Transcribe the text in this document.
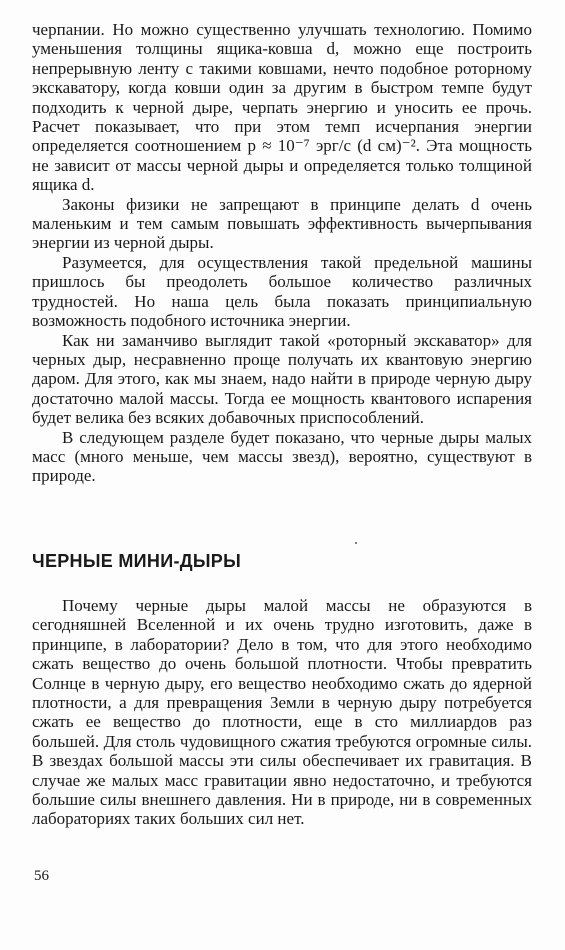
черпании. Но можно существенно улучшать технологию. Помимо уменьшения толщины ящика-ковша d, можно еще построить непрерывную ленту с такими ковшами, нечто подобное роторному экскаватору, когда ковши один за другим в быстром темпе будут подходить к черной дыре, черпать энергию и уносить ее прочь. Расчет показывает, что при этом темп исчерпания энергии определяется соотношением p ≈ 10⁻⁷ эрг/с (d см)⁻². Эта мощность не зависит от массы черной дыры и определяется только толщиной ящика d.

Законы физики не запрещают в принципе делать d очень маленьким и тем самым повышать эффективность вычерпывания энергии из черной дыры.

Разумеется, для осуществления такой предельной машины пришлось бы преодолеть большое количество различных трудностей. Но наша цель была показать принципиальную возможность подобного источника энергии.

Как ни заманчиво выглядит такой «роторный экскаватор» для черных дыр, несравненно проще получать их квантовую энергию даром. Для этого, как мы знаем, надо найти в природе черную дыру достаточно малой массы. Тогда ее мощность квантового испарения будет велика без всяких добавочных приспособлений.

В следующем разделе будет показано, что черные дыры малых масс (много меньше, чем массы звезд), вероятно, существуют в природе.

ЧЕРНЫЕ МИНИ-ДЫРЫ

Почему черные дыры малой массы не образуются в сегодняшней Вселенной и их очень трудно изготовить, даже в принципе, в лаборатории? Дело в том, что для этого необходимо сжать вещество до очень большой плотности. Чтобы превратить Солнце в черную дыру, его вещество необходимо сжать до ядерной плотности, а для превращения Земли в черную дыру потребуется сжать ее вещество до плотности, еще в сто миллиардов раз большей. Для столь чудовищного сжатия требуются огромные силы. В звездах большой массы эти силы обеспечивает их гравитация. В случае же малых масс гравитации явно недостаточно, и требуются большие силы внешнего давления. Ни в природе, ни в современных лабораториях таких больших сил нет.

56
